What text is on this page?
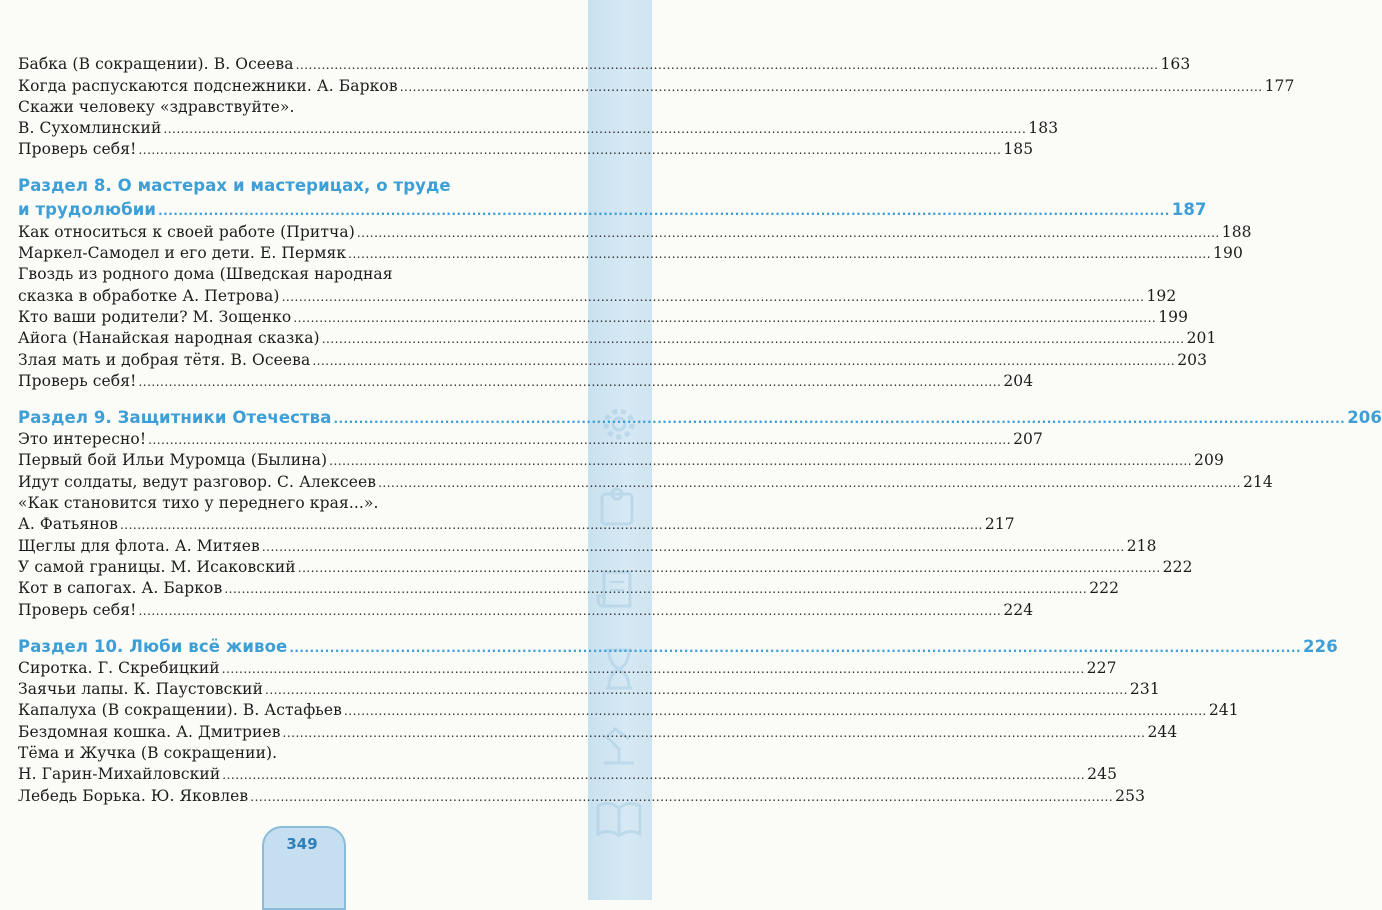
Бабка (В сокращении). В. Осеева ........................................................................................................................................................................................................ 163
Когда распускаются подснежники. А. Барков ........................................................................................................................................................................................................ 177
Скажи человеку «здравствуйте».
В. Сухомлинский ........................................................................................................................................................................................................ 183
Проверь себя! ........................................................................................................................................................................................................ 185
Раздел 8. О мастерах и мастерицах, о труде
и трудолюбии ........................................................................................................................................................................................................ 187
Как относиться к своей работе (Притча) ........................................................................................................................................................................................................ 188
Маркел-Самодел и его дети. Е. Пермяк ........................................................................................................................................................................................................ 190
Гвоздь из родного дома (Шведская народная
сказка в обработке А. Петрова) ........................................................................................................................................................................................................ 192
Кто ваши родители? М. Зощенко ........................................................................................................................................................................................................ 199
Айога (Нанайская народная сказка) ........................................................................................................................................................................................................ 201
Злая мать и добрая тётя. В. Осеева ........................................................................................................................................................................................................ 203
Проверь себя! ........................................................................................................................................................................................................ 204
Раздел 9. Защитники Отечества ........................................................................................................................................................................................................ 206
Это интересно! ........................................................................................................................................................................................................ 207
Первый бой Ильи Муромца (Былина) ........................................................................................................................................................................................................ 209
Идут солдаты, ведут разговор. С. Алексеев ........................................................................................................................................................................................................ 214
«Как становится тихо у переднего края...».
А. Фатьянов ........................................................................................................................................................................................................ 217
Щеглы для флота. А. Митяев ........................................................................................................................................................................................................ 218
У самой границы. М. Исаковский ........................................................................................................................................................................................................ 222
Кот в сапогах. А. Барков ........................................................................................................................................................................................................ 222
Проверь себя! ........................................................................................................................................................................................................ 224
Раздел 10. Люби всё живое ........................................................................................................................................................................................................ 226
Сиротка. Г. Скребицкий ........................................................................................................................................................................................................ 227
Заячьи лапы. К. Паустовский ........................................................................................................................................................................................................ 231
Капалуха (В сокращении). В. Астафьев ........................................................................................................................................................................................................ 241
Бездомная кошка. А. Дмитриев ........................................................................................................................................................................................................ 244
Тёма и Жучка (В сокращении).
Н. Гарин-Михайловский ........................................................................................................................................................................................................ 245
Лебедь Борька. Ю. Яковлев ........................................................................................................................................................................................................ 253
349
